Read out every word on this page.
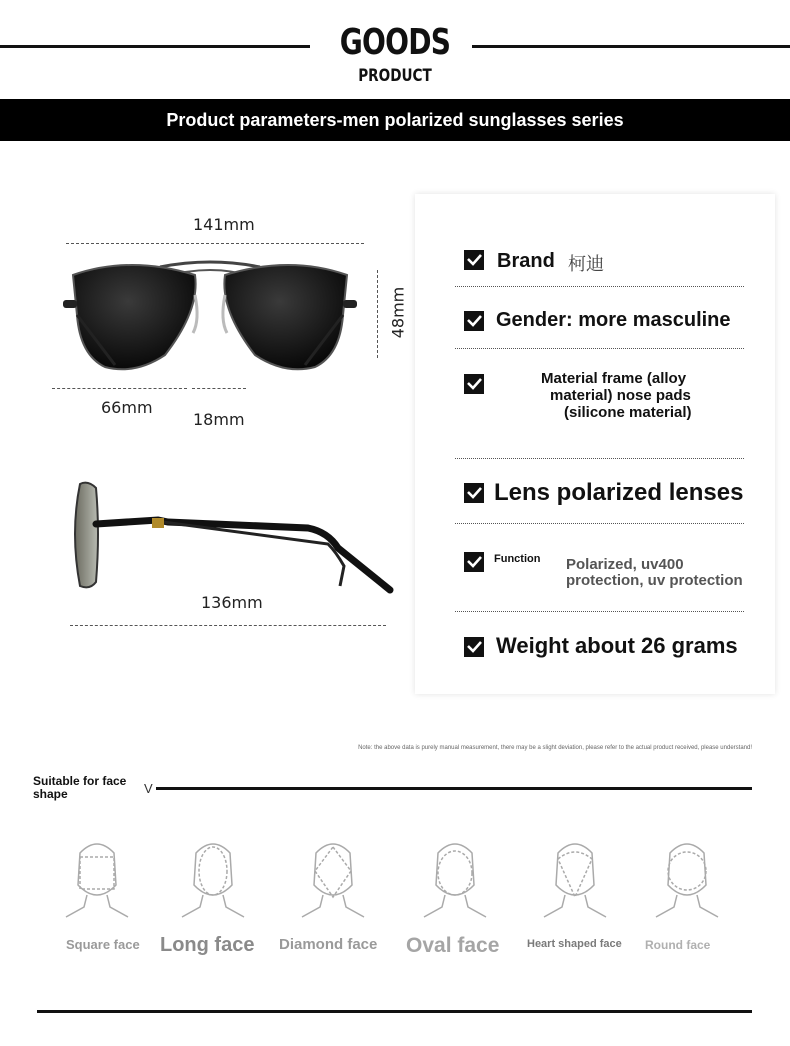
GOODS
PRODUCT
Product parameters-men polarized sunglasses series
141mm
48mm
66mm
18mm
136mm
Brand 柯迪
Gender: more masculine
Material frame (alloy
material) nose pads
(silicone material)
Lens polarized lenses
Function Polarized, uv400
protection, uv protection
Weight about 26 grams
Note: the above data is purely manual measurement, there may be a slight deviation, please refer to the actual product received, please understand!
Suitable for face
shape	V
Square face Long face Diamond face Oval face	Heart shaped face Round face
